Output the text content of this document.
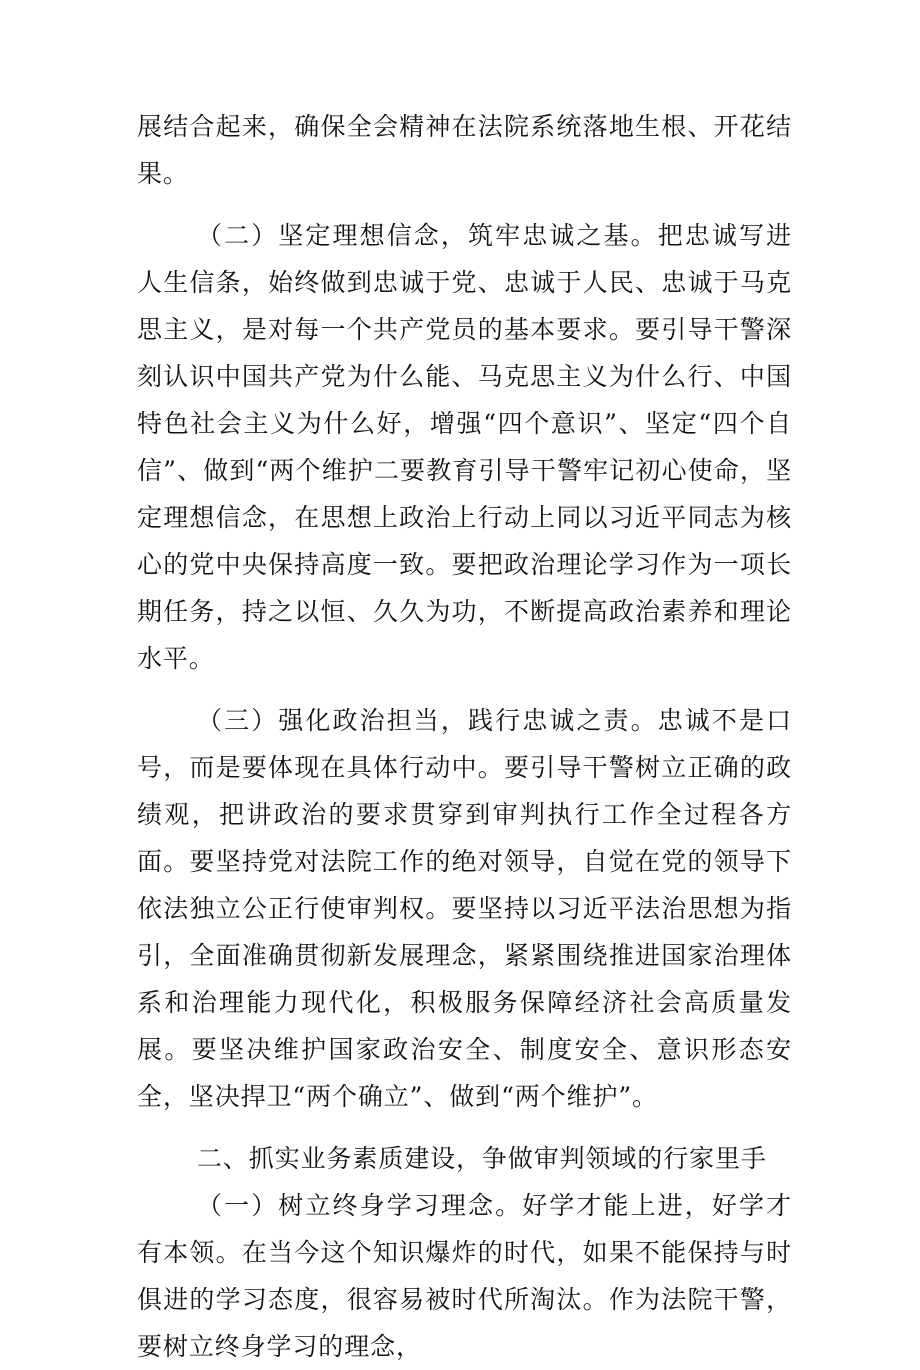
展结合起来，确保全会精神在法院系统落地生根、开花结果。

（二）坚定理想信念，筑牢忠诚之基。把忠诚写进人生信条，始终做到忠诚于党、忠诚于人民、忠诚于马克思主义，是对每一个共产党员的基本要求。要引导干警深刻认识中国共产党为什么能、马克思主义为什么行、中国特色社会主义为什么好，增强“四个意识”、坚定“四个自信”、做到“两个维护二要教育引导干警牢记初心使命，坚定理想信念，在思想上政治上行动上同以习近平同志为核心的党中央保持高度一致。要把政治理论学习作为一项长期任务，持之以恒、久久为功，不断提高政治素养和理论水平。

（三）强化政治担当，践行忠诚之责。忠诚不是口号，而是要体现在具体行动中。要引导干警树立正确的政绩观，把讲政治的要求贯穿到审判执行工作全过程各方面。要坚持党对法院工作的绝对领导，自觉在党的领导下依法独立公正行使审判权。要坚持以习近平法治思想为指引，全面准确贯彻新发展理念，紧紧围绕推进国家治理体系和治理能力现代化，积极服务保障经济社会高质量发展。要坚决维护国家政治安全、制度安全、意识形态安全，坚决捍卫“两个确立”、做到“两个维护”。

二、抓实业务素质建设，争做审判领域的行家里手

（一）树立终身学习理念。好学才能上进，好学才有本领。在当今这个知识爆炸的时代，如果不能保持与时俱进的学习态度，很容易被时代所淘汰。作为法院干警，要树立终身学习的理念，
